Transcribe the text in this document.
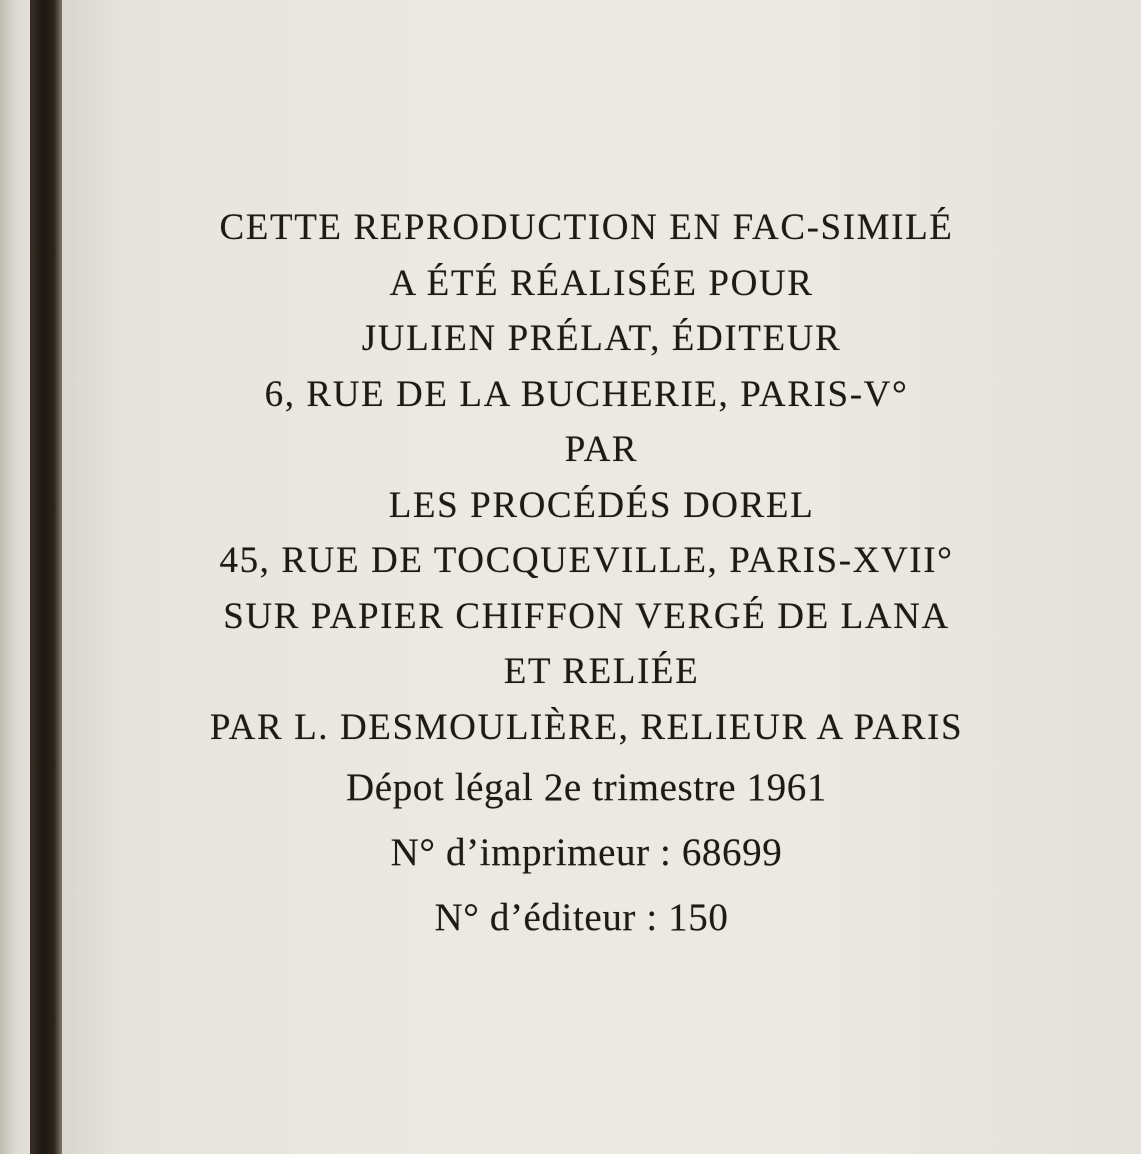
CETTE REPRODUCTION EN FAC-SIMILÉ
A ÉTÉ RÉALISÉE POUR
JULIEN PRÉLAT, ÉDITEUR
6, RUE DE LA BUCHERIE, PARIS-V°
PAR
LES PROCÉDÉS DOREL
45, RUE DE TOCQUEVILLE, PARIS-XVII°
SUR PAPIER CHIFFON VERGÉ DE LANA
ET RELIÉE
PAR L. DESMOULIÈRE, RELIEUR A PARIS
Dépot légal 2e trimestre 1961
N° d’imprimeur : 68699
N° d’éditeur : 150
